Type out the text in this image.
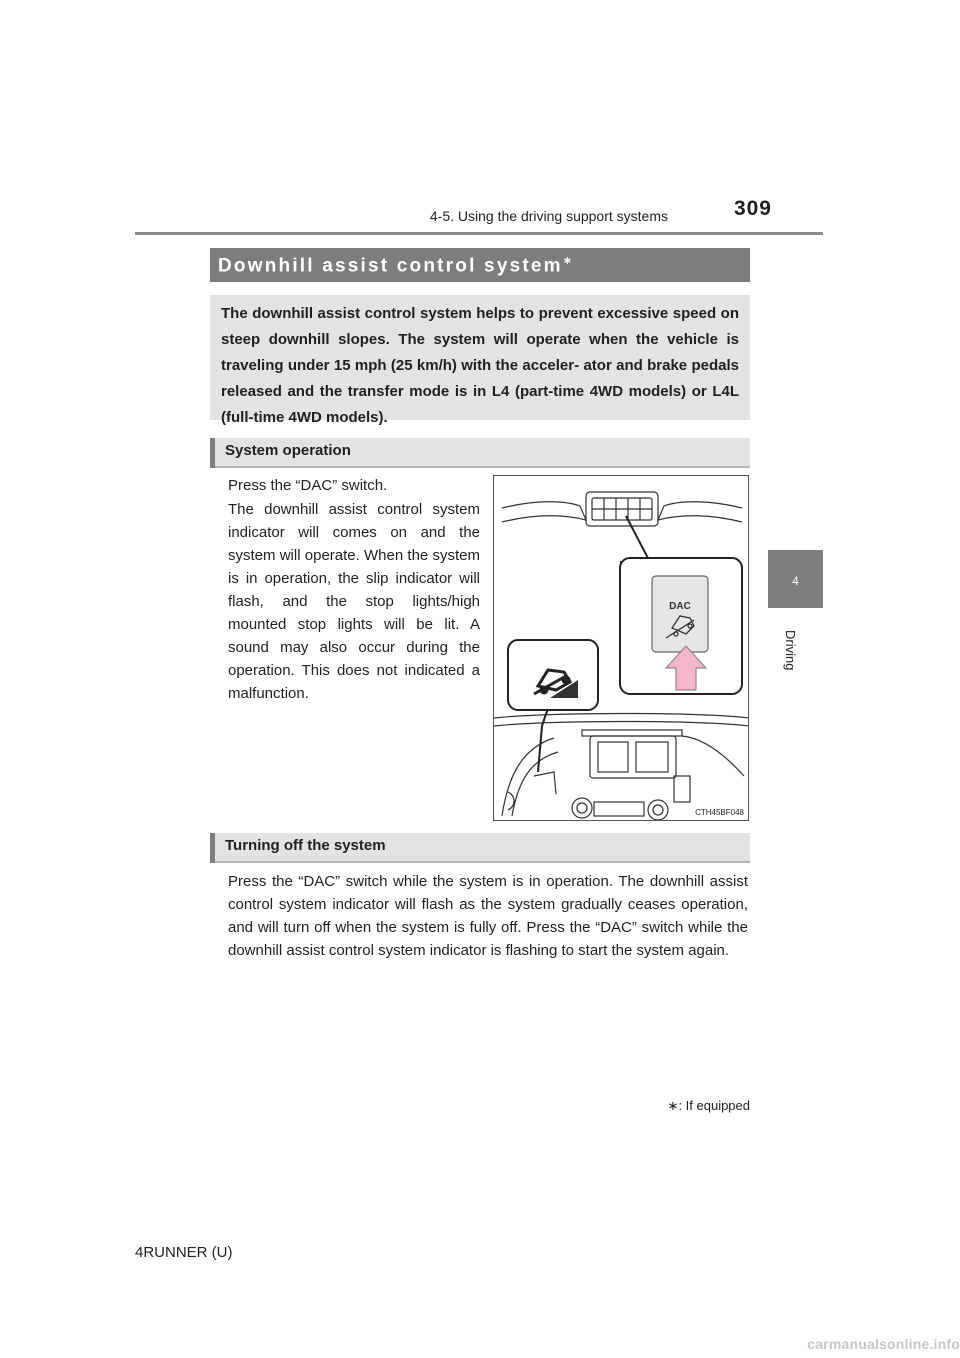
4-5. Using the driving support systems	309
4
Driving
Downhill assist control system∗
The downhill assist control system helps to prevent excessive speed on steep downhill slopes. The system will operate when the vehicle is traveling under 15 mph (25 km/h) with the acceler- ator and brake pedals released and the transfer mode is in L4 (part-time 4WD models) or L4L (full-time 4WD models).
System operation
Press the “DAC” switch.
The downhill assist control system indicator will comes on and the system will operate. When the system is in operation, the slip indicator will flash, and the stop lights/high mounted stop lights will be lit. A sound may also occur during the operation. This does not indicated a malfunction.
DAC
CTH45BF048
Turning off the system
Press the “DAC” switch while the system is in operation. The downhill assist control system indicator will flash as the system gradually ceases operation, and will turn off when the system is fully off. Press the “DAC” switch while the downhill assist control system indicator is flashing to start the system again.
∗: If equipped
4RUNNER (U)
carmanualsonline.info
